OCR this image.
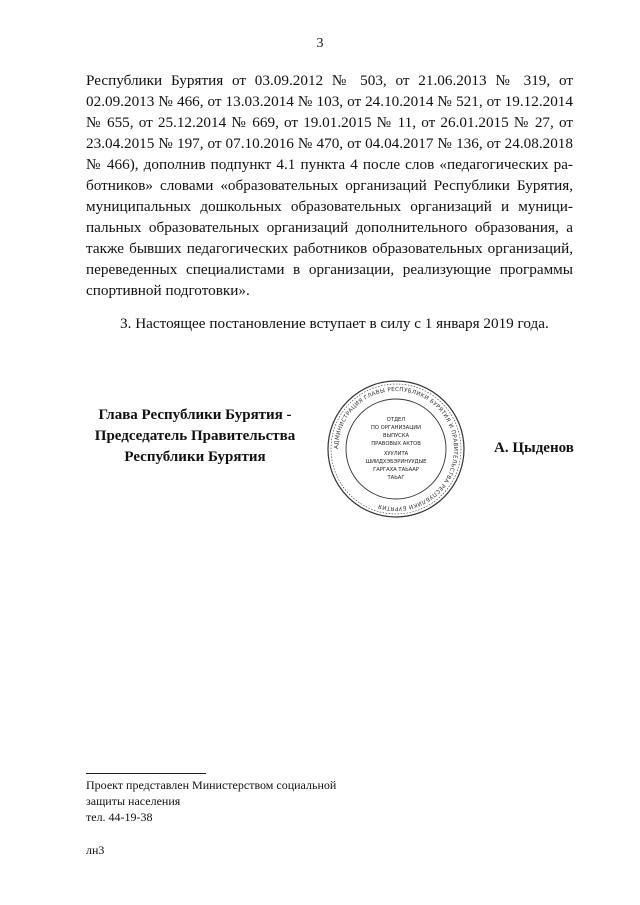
3
Республики Бурятия от 03.09.2012 № 503, от 21.06.2013 № 319, от
02.09.2013 № 466, от 13.03.2014 № 103, от 24.10.2014 № 521, от 19.12.2014
№ 655, от 25.12.2014 № 669, от 19.01.2015 № 11, от 26.01.2015 № 27, от
23.04.2015 № 197, от 07.10.2016 № 470, от 04.04.2017 № 136, от 24.08.2018
№ 466), дополнив подпункт 4.1 пункта 4 после слов «педагогических ра-
ботников» словами «образовательных организаций Республики Бурятия,
муниципальных дошкольных образовательных организаций и муници-
пальных образовательных организаций дополнительного образования, а
также бывших педагогических работников образовательных организаций,
переведенных специалистами в организации, реализующие программы
спортивной подготовки».
3. Настоящее постановление вступает в силу с 1 января 2019 года.
Глава Республики Бурятия -
Председатель Правительства
Республики Бурятия
АДМИНИСТРАЦИЯ ГЛАВЫ РЕСПУБЛИКИ БУРЯТИЯ И ПРАВИТЕЛЬСТВА РЕСПУБЛИКИ БУРЯТИЯ
ОТДЕЛ
ПО ОРГАНИЗАЦИИ
ВЫПУСКА
ПРАВОВЫХ АКТОВ
ХУУЛИТА
ШИИДХЭБЭРИНУУДЫЕ
ГАРГАХА ТАЬААР
ТАЬАГ
А. Цыденов
Проект представлен Министерством социальной
защиты населения
тел. 44-19-38
лн3
